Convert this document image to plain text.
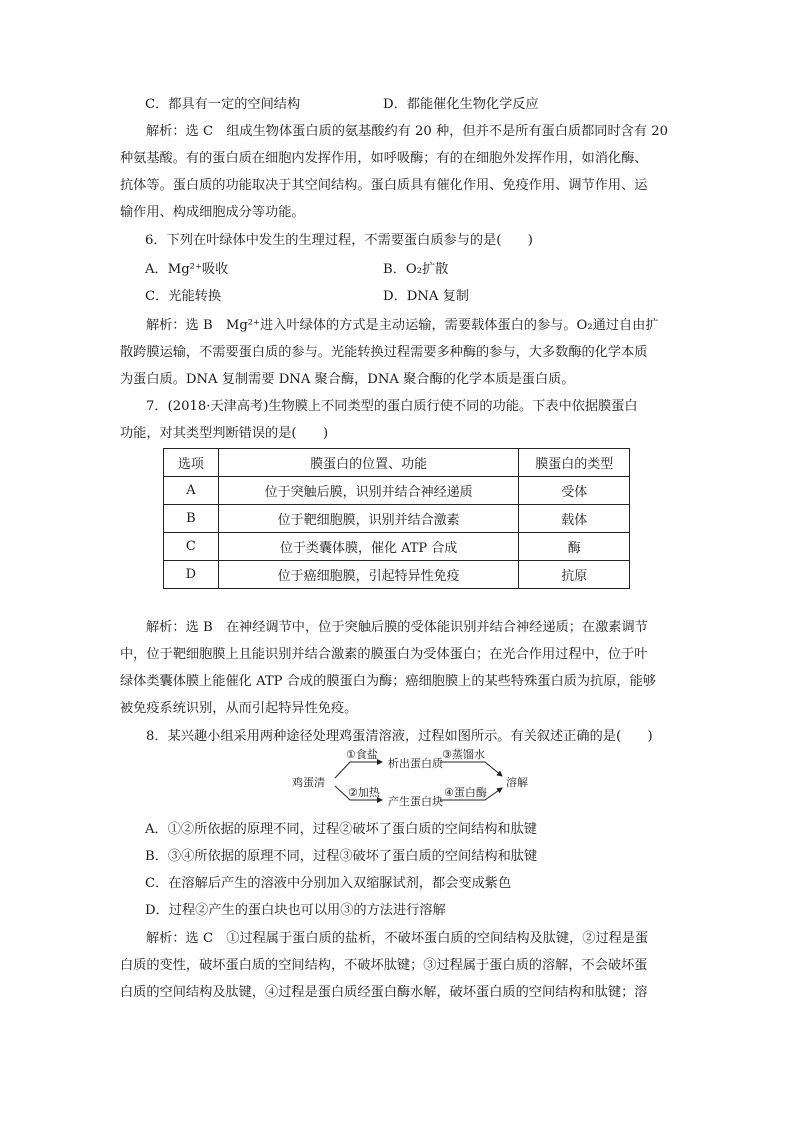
C．都具有一定的空间结构	D．都能催化生物化学反应
解析：选 C　组成生物体蛋白质的氨基酸约有 20 种，但并不是所有蛋白质都同时含有 20
种氨基酸。有的蛋白质在细胞内发挥作用，如呼吸酶；有的在细胞外发挥作用，如消化酶、
抗体等。蛋白质的功能取决于其空间结构。蛋白质具有催化作用、免疫作用、调节作用、运
输作用、构成细胞成分等功能。
6．下列在叶绿体中发生的生理过程，不需要蛋白质参与的是(　　)
A．Mg²⁺吸收	B．O₂扩散
C．光能转换	D．DNA 复制
解析：选 B　Mg²⁺进入叶绿体的方式是主动运输，需要载体蛋白的参与。O₂通过自由扩
散跨膜运输，不需要蛋白质的参与。光能转换过程需要多种酶的参与，大多数酶的化学本质
为蛋白质。DNA 复制需要 DNA 聚合酶，DNA 聚合酶的化学本质是蛋白质。
7．(2018·天津高考)生物膜上不同类型的蛋白质行使不同的功能。下表中依据膜蛋白
功能，对其类型判断错误的是(　　)
选项	膜蛋白的位置、功能	膜蛋白的类型
A	位于突触后膜，识别并结合神经递质	受体
B	位于靶细胞膜，识别并结合激素	载体
C	位于类囊体膜，催化 ATP 合成	酶
D	位于癌细胞膜，引起特异性免疫	抗原
解析：选 B　在神经调节中，位于突触后膜的受体能识别并结合神经递质；在激素调节
中，位于靶细胞膜上且能识别并结合激素的膜蛋白为受体蛋白；在光合作用过程中，位于叶
绿体类囊体膜上能催化 ATP 合成的膜蛋白为酶；癌细胞膜上的某些特殊蛋白质为抗原，能够
被免疫系统识别，从而引起特异性免疫。
8．某兴趣小组采用两种途径处理鸡蛋清溶液，过程如图所示。有关叙述正确的是(　　)
鸡蛋清
①食盐
析出蛋白质
③蒸馏水
溶解
②加热
产生蛋白块
④蛋白酶
A．①②所依据的原理不同，过程②破坏了蛋白质的空间结构和肽键
B．③④所依据的原理不同，过程③破坏了蛋白质的空间结构和肽键
C．在溶解后产生的溶液中分别加入双缩脲试剂，都会变成紫色
D．过程②产生的蛋白块也可以用③的方法进行溶解
解析：选 C　①过程属于蛋白质的盐析，不破坏蛋白质的空间结构及肽键，②过程是蛋
白质的变性，破坏蛋白质的空间结构，不破坏肽键；③过程属于蛋白质的溶解，不会破坏蛋
白质的空间结构及肽键，④过程是蛋白质经蛋白酶水解，破坏蛋白质的空间结构和肽键；溶
